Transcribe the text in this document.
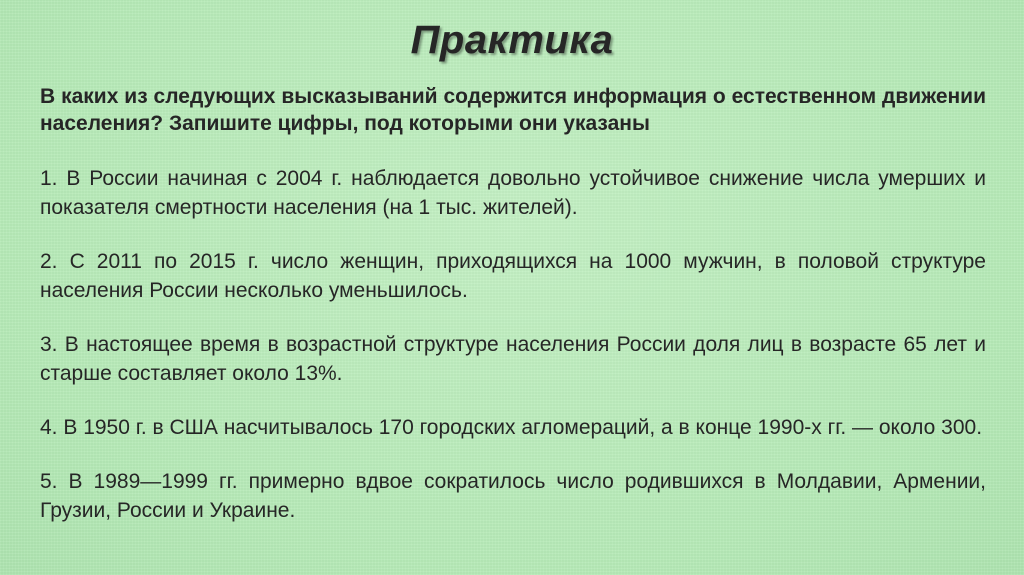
Практика

В каких из следующих высказываний содержится информация о естественном движении населения? Запишите цифры, под которыми они указаны

1. В России начиная с 2004 г. наблюдается довольно устойчивое снижение числа умерших и показателя смертности населения (на 1 тыс. жителей).

2. С 2011 по 2015 г. число женщин, приходящихся на 1000 мужчин, в половой структуре населения России несколько уменьшилось.

3. В настоящее время в возрастной структуре населения России доля лиц в возрасте 65 лет и старше составляет около 13%.

4. В 1950 г. в США насчитывалось 170 городских агломераций, а в конце 1990-х гг. — около 300.

5. В 1989—1999 гг. примерно вдвое сократилось число родившихся в Молдавии, Армении, Грузии, России и Украине.
